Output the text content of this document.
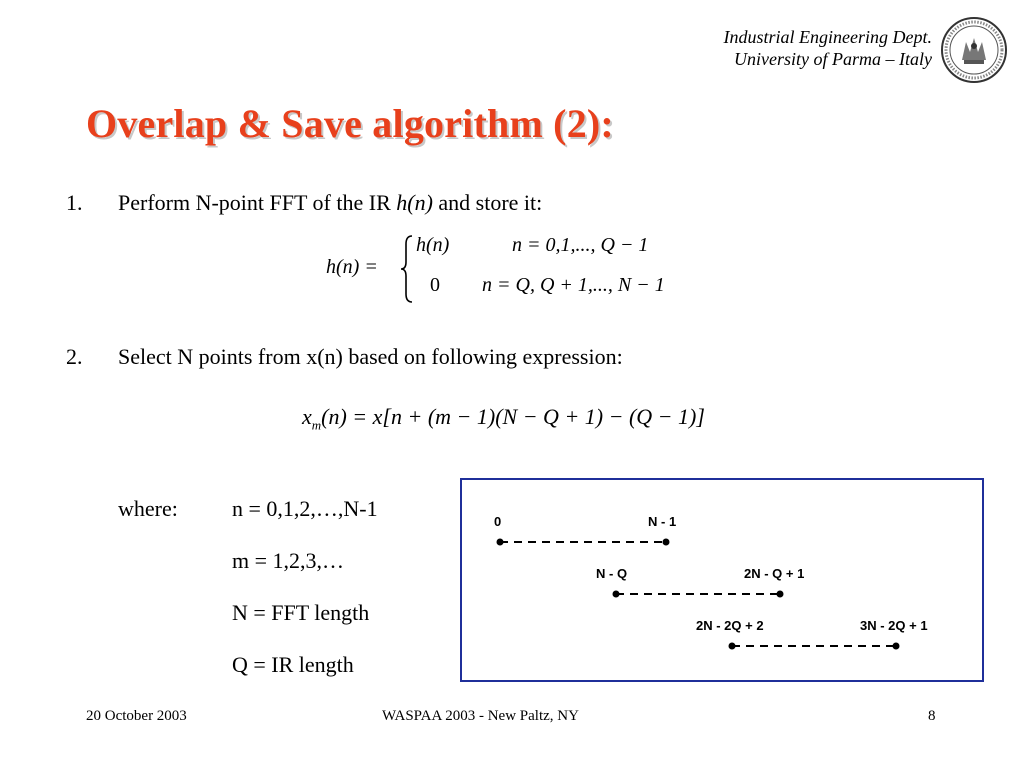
Industrial Engineering Dept.
University of Parma – Italy
Overlap & Save algorithm (2):
1. Perform N-point FFT of the IR h(n) and store it:
h(n) =
h(n)	n = 0,1,..., Q − 1
0 n = Q, Q + 1,..., N − 1
2. Select N points from x(n) based on following expression:
$x_m(n) = x[n + (m - 1)(N - Q + 1) - (Q - 1)]$
where: n = 0,1,2,…,N-1
m = 1,2,3,…
N = FFT length
Q = IR length
0	N - 1
N - Q	2N - Q + 1
2N - 2Q + 2	3N - 2Q + 1
20 October 2003	WASPAA 2003 - New Paltz, NY	8
